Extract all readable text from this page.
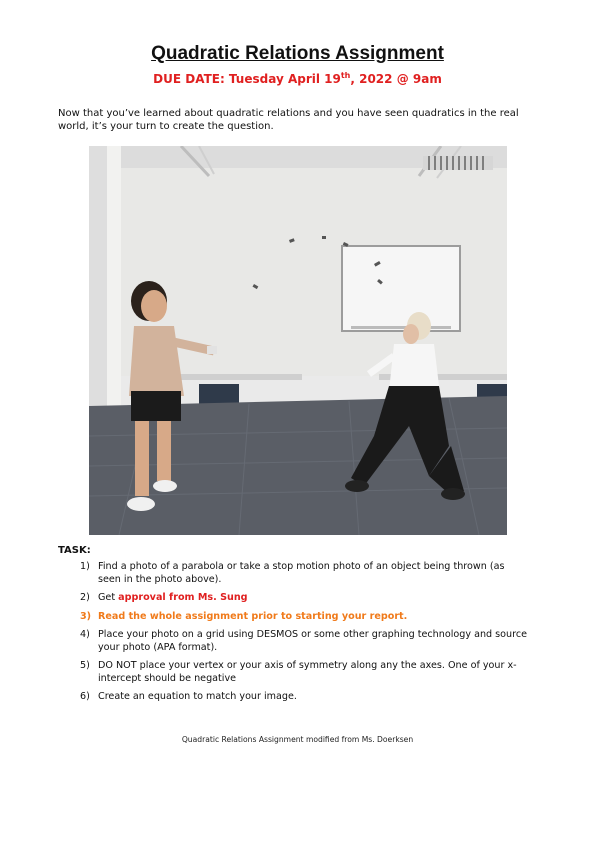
Quadratic Relations Assignment
DUE DATE: Tuesday April 19th, 2022 @ 9am
Now that you’ve learned about quadratic relations and you have seen quadratics in the real world, it’s your turn to create the question.
TASK:
1) Find a photo of a parabola or take a stop motion photo of an object being thrown (as seen in the photo above).
2) Get approval from Ms. Sung
3) Read the whole assignment prior to starting your report.
4) Place your photo on a grid using DESMOS or some other graphing technology and source your photo (APA format).
5) DO NOT place your vertex or your axis of symmetry along any the axes. One of your x-intercept should be negative
6) Create an equation to match your image.
Quadratic Relations Assignment modified from Ms. Doerksen
